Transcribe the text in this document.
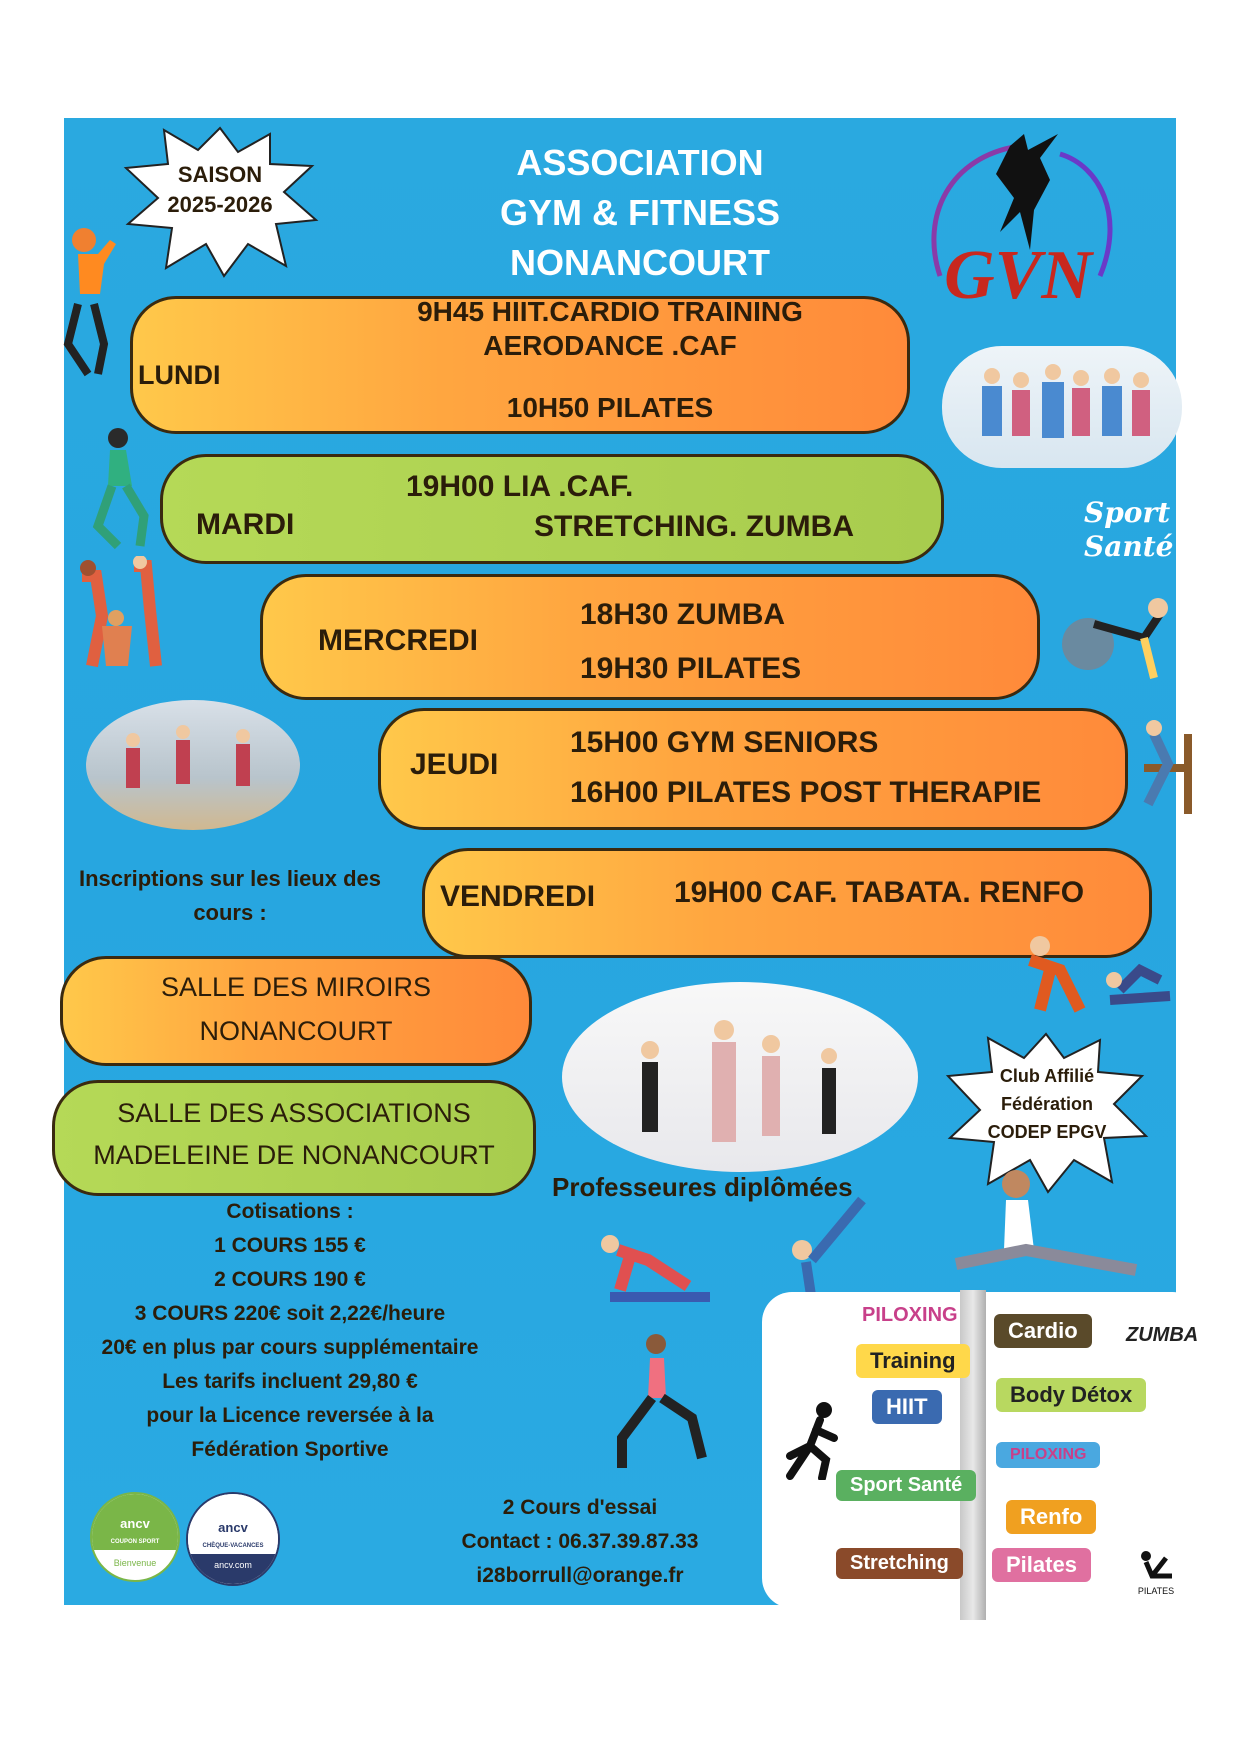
SAISON
2025-2026
ASSOCIATION
GYM & FITNESS
NONANCOURT	GVN
LUNDI
9H45 HIIT.CARDIO TRAINING
AERODANCE .CAF
10H50 PILATES
MARDI
19H00 LIA .CAF.
STRETCHING. ZUMBA	Sport
Santé
MERCREDI
18H30 ZUMBA
19H30 PILATES
JEUDI
15H00 GYM SENIORS
16H00 PILATES POST THERAPIE
VENDREDI	19H00 CAF. TABATA. RENFO
Inscriptions sur les lieux des
cours :
SALLE DES MIROIRS
NONANCOURT
SALLE DES ASSOCIATIONS
MADELEINE DE NONANCOURT
Club Affilié
Fédération
CODEP EPGV
Professeures diplômées
Cotisations :
1 COURS 155 €
2 COURS 190 €
3 COURS 220€ soit 2,22€/heure
20€ en plus par cours supplémentaire
Les tarifs incluent 29,80 €
pour la Licence reversée à la
Fédération Sportive
2 Cours d'essai
Contact : 06.37.39.87.33
i28borrull@orange.fr
ancv
COUPON SPORT
Bienvenue
ancv
CHÈQUE-VACANCES
ancv.com
PILOXING
Cardio	ZUMBA
Training
Body Détox
HIIT
PILOXING
Sport Santé
Renfo
Stretching	Pilates
PILATES
